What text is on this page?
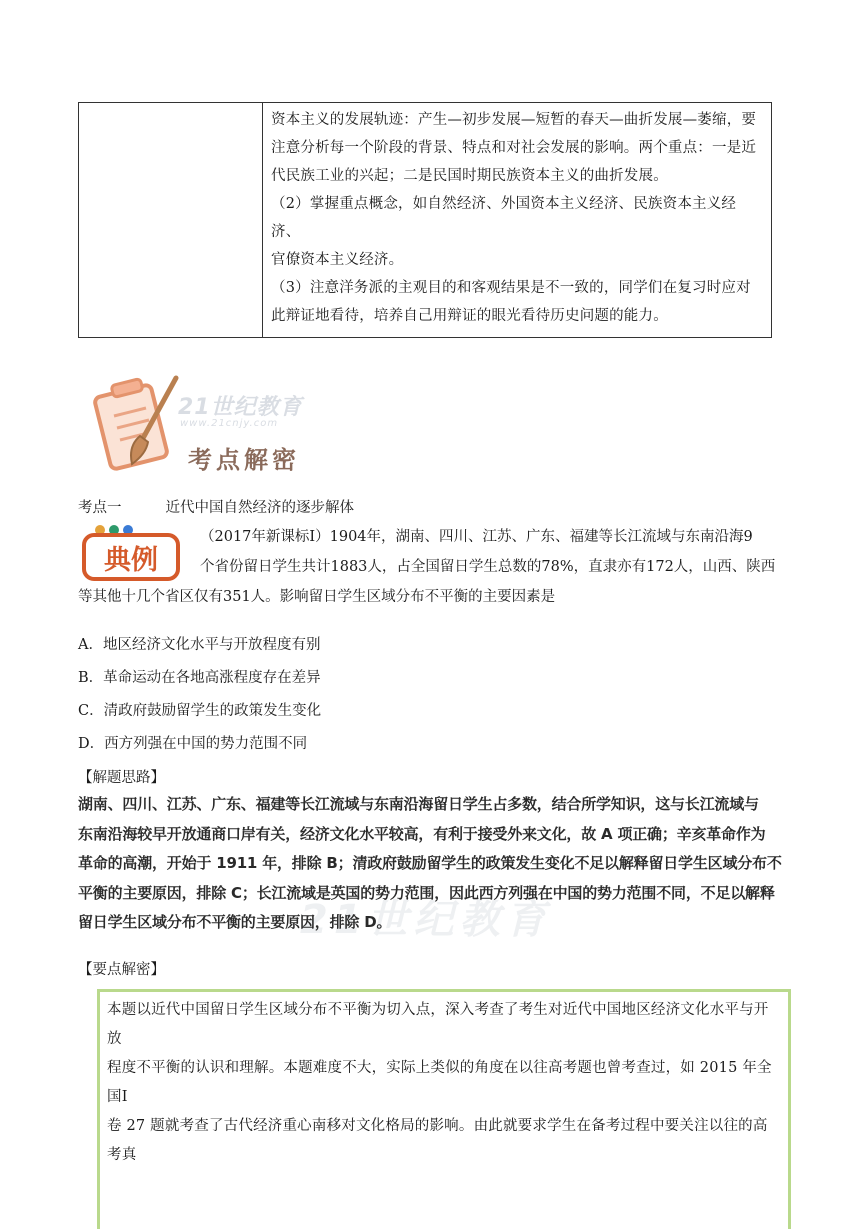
资本主义的发展轨迹：产生—初步发展—短暂的春天—曲折发展—萎缩，要

注意分析每一个阶段的背景、特点和对社会发展的影响。两个重点：一是近

代民族工业的兴起；二是民国时期民族资本主义的曲折发展。

（2）掌握重点概念，如自然经济、外国资本主义经济、民族资本主义经济、

官僚资本主义经济。

（3）注意洋务派的主观目的和客观结果是不一致的，同学们在复习时应对

此辩证地看待，培养自己用辩证的眼光看待历史问题的能力。

21世纪教育
www.21cnjy.com
考点解密
考点一	近代中国自然经济的逐步解体
典例
（2017年新课标Ⅰ）1904年，湖南、四川、江苏、广东、福建等长江流域与东南沿海9
个省份留日学生共计1883人，占全国留日学生总数的78%，直隶亦有172人，山西、陕西
等其他十几个省区仅有351人。影响留日学生区域分布不平衡的主要因素是
A．地区经济文化水平与开放程度有别
B．革命运动在各地高涨程度存在差异
C．清政府鼓励留学生的政策发生变化
D．西方列强在中国的势力范围不同
【解题思路】
21世纪教育
湖南、四川、江苏、广东、福建等长江流域与东南沿海留日学生占多数，结合所学知识，这与长江流域与
东南沿海较早开放通商口岸有关，经济文化水平较高，有利于接受外来文化，故 A 项正确；辛亥革命作为
革命的高潮，开始于 1911 年，排除 B；清政府鼓励留学生的政策发生变化不足以解释留日学生区域分布不
平衡的主要原因，排除 C；长江流域是英国的势力范围，因此西方列强在中国的势力范围不同，不足以解释
留日学生区域分布不平衡的主要原因，排除 D。
【要点解密】

本题以近代中国留日学生区域分布不平衡为切入点，深入考查了考生对近代中国地区经济文化水平与开放

程度不平衡的认识和理解。本题难度不大，实际上类似的角度在以往高考题也曾考查过，如 2015 年全国Ⅰ

卷 27 题就考查了古代经济重心南移对文化格局的影响。由此就要求学生在备考过程中要关注以往的高考真
